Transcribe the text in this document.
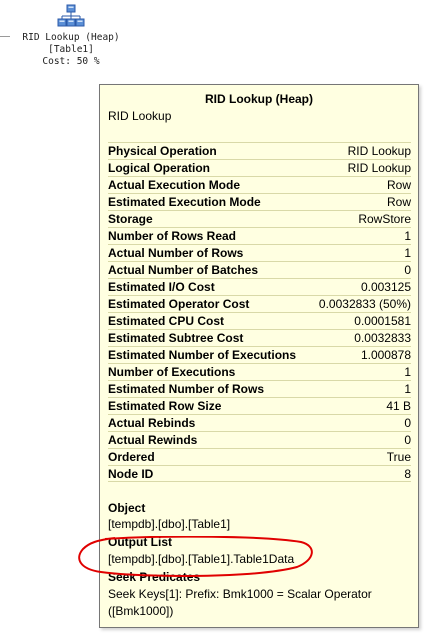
RID Lookup (Heap)
[Table1]
Cost: 50 %
RID Lookup (Heap)
RID Lookup
Physical Operation	RID Lookup
Logical Operation	RID Lookup
Actual Execution Mode	Row
Estimated Execution Mode	Row
Storage	RowStore
Number of Rows Read	1
Actual Number of Rows	1
Actual Number of Batches	0
Estimated I/O Cost	0.003125
Estimated Operator Cost	0.0032833 (50%)
Estimated CPU Cost	0.0001581
Estimated Subtree Cost	0.0032833
Estimated Number of Executions	1.000878
Number of Executions	1
Estimated Number of Rows	1
Estimated Row Size	41 B
Actual Rebinds	0
Actual Rewinds	0
Ordered	True
Node ID	8
Object
[tempdb].[dbo].[Table1]
Output List
[tempdb].[dbo].[Table1].Table1Data
Seek Predicates
Seek Keys[1]: Prefix: Bmk1000 = Scalar Operator ([Bmk1000])
